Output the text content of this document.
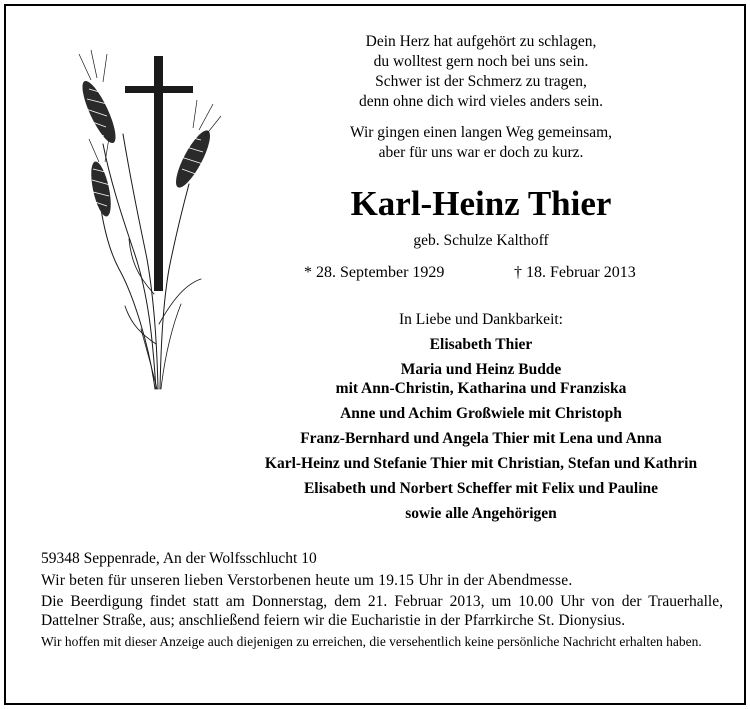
Dein Herz hat aufgehört zu schlagen,
du wolltest gern noch bei uns sein.
Schwer ist der Schmerz zu tragen,
denn ohne dich wird vieles anders sein.
Wir gingen einen langen Weg gemeinsam,
aber für uns war er doch zu kurz.
Karl-Heinz Thier
geb. Schulze Kalthoff
* 28. September 1929	† 18. Februar 2013
In Liebe und Dankbarkeit:
Elisabeth Thier
Maria und Heinz Budde
mit Ann-Christin, Katharina und Franziska
Anne und Achim Großwiele mit Christoph
Franz-Bernhard und Angela Thier mit Lena und Anna
Karl-Heinz und Stefanie Thier mit Christian, Stefan und Kathrin
Elisabeth und Norbert Scheffer mit Felix und Pauline
sowie alle Angehörigen
59348 Seppenrade, An der Wolfsschlucht 10
Wir beten für unseren lieben Verstorbenen heute um 19.15 Uhr in der Abendmesse.
Die Beerdigung findet statt am Donnerstag, dem 21. Februar 2013, um 10.00 Uhr von der Trauerhalle, Dattelner Straße, aus; anschließend feiern wir die Eucharistie in der Pfarrkirche St. Dionysius.
Wir hoffen mit dieser Anzeige auch diejenigen zu erreichen, die versehentlich keine persönliche Nachricht erhalten haben.
